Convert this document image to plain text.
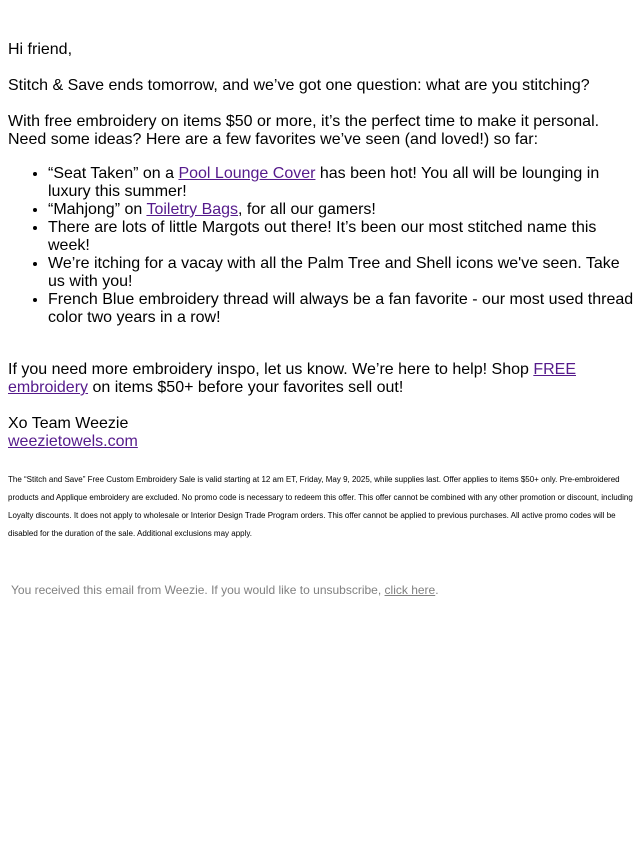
Hi friend,

Stitch & Save ends tomorrow, and we’ve got one question: what are you stitching?

With free embroidery on items $50 or more, it’s the perfect time to make it personal. Need some ideas? Here are a few favorites we’ve seen (and loved!) so far:

• “Seat Taken” on a Pool Lounge Cover has been hot! You all will be lounging in luxury this summer!
• “Mahjong” on Toiletry Bags, for all our gamers!
• There are lots of little Margots out there! It’s been our most stitched name this week!
• We’re itching for a vacay with all the Palm Tree and Shell icons we've seen. Take us with you!
• French Blue embroidery thread will always be a fan favorite - our most used thread color two years in a row!

If you need more embroidery inspo, let us know. We’re here to help! Shop FREE embroidery on items $50+ before your favorites sell out!

Xo Team Weezie

weezietowels.com

The “Stitch and Save” Free Custom Embroidery Sale is valid starting at 12 am ET, Friday, May 9, 2025, while supplies last. Offer applies to items $50+ only. Pre-embroidered products and Applique embroidery are excluded. No promo code is necessary to redeem this offer. This offer cannot be combined with any other promotion or discount, including Loyalty discounts. It does not apply to wholesale or Interior Design Trade Program orders. This offer cannot be applied to previous purchases. All active promo codes will be disabled for the duration of the sale. Additional exclusions may apply.

You received this email from Weezie. If you would like to unsubscribe, click here.
